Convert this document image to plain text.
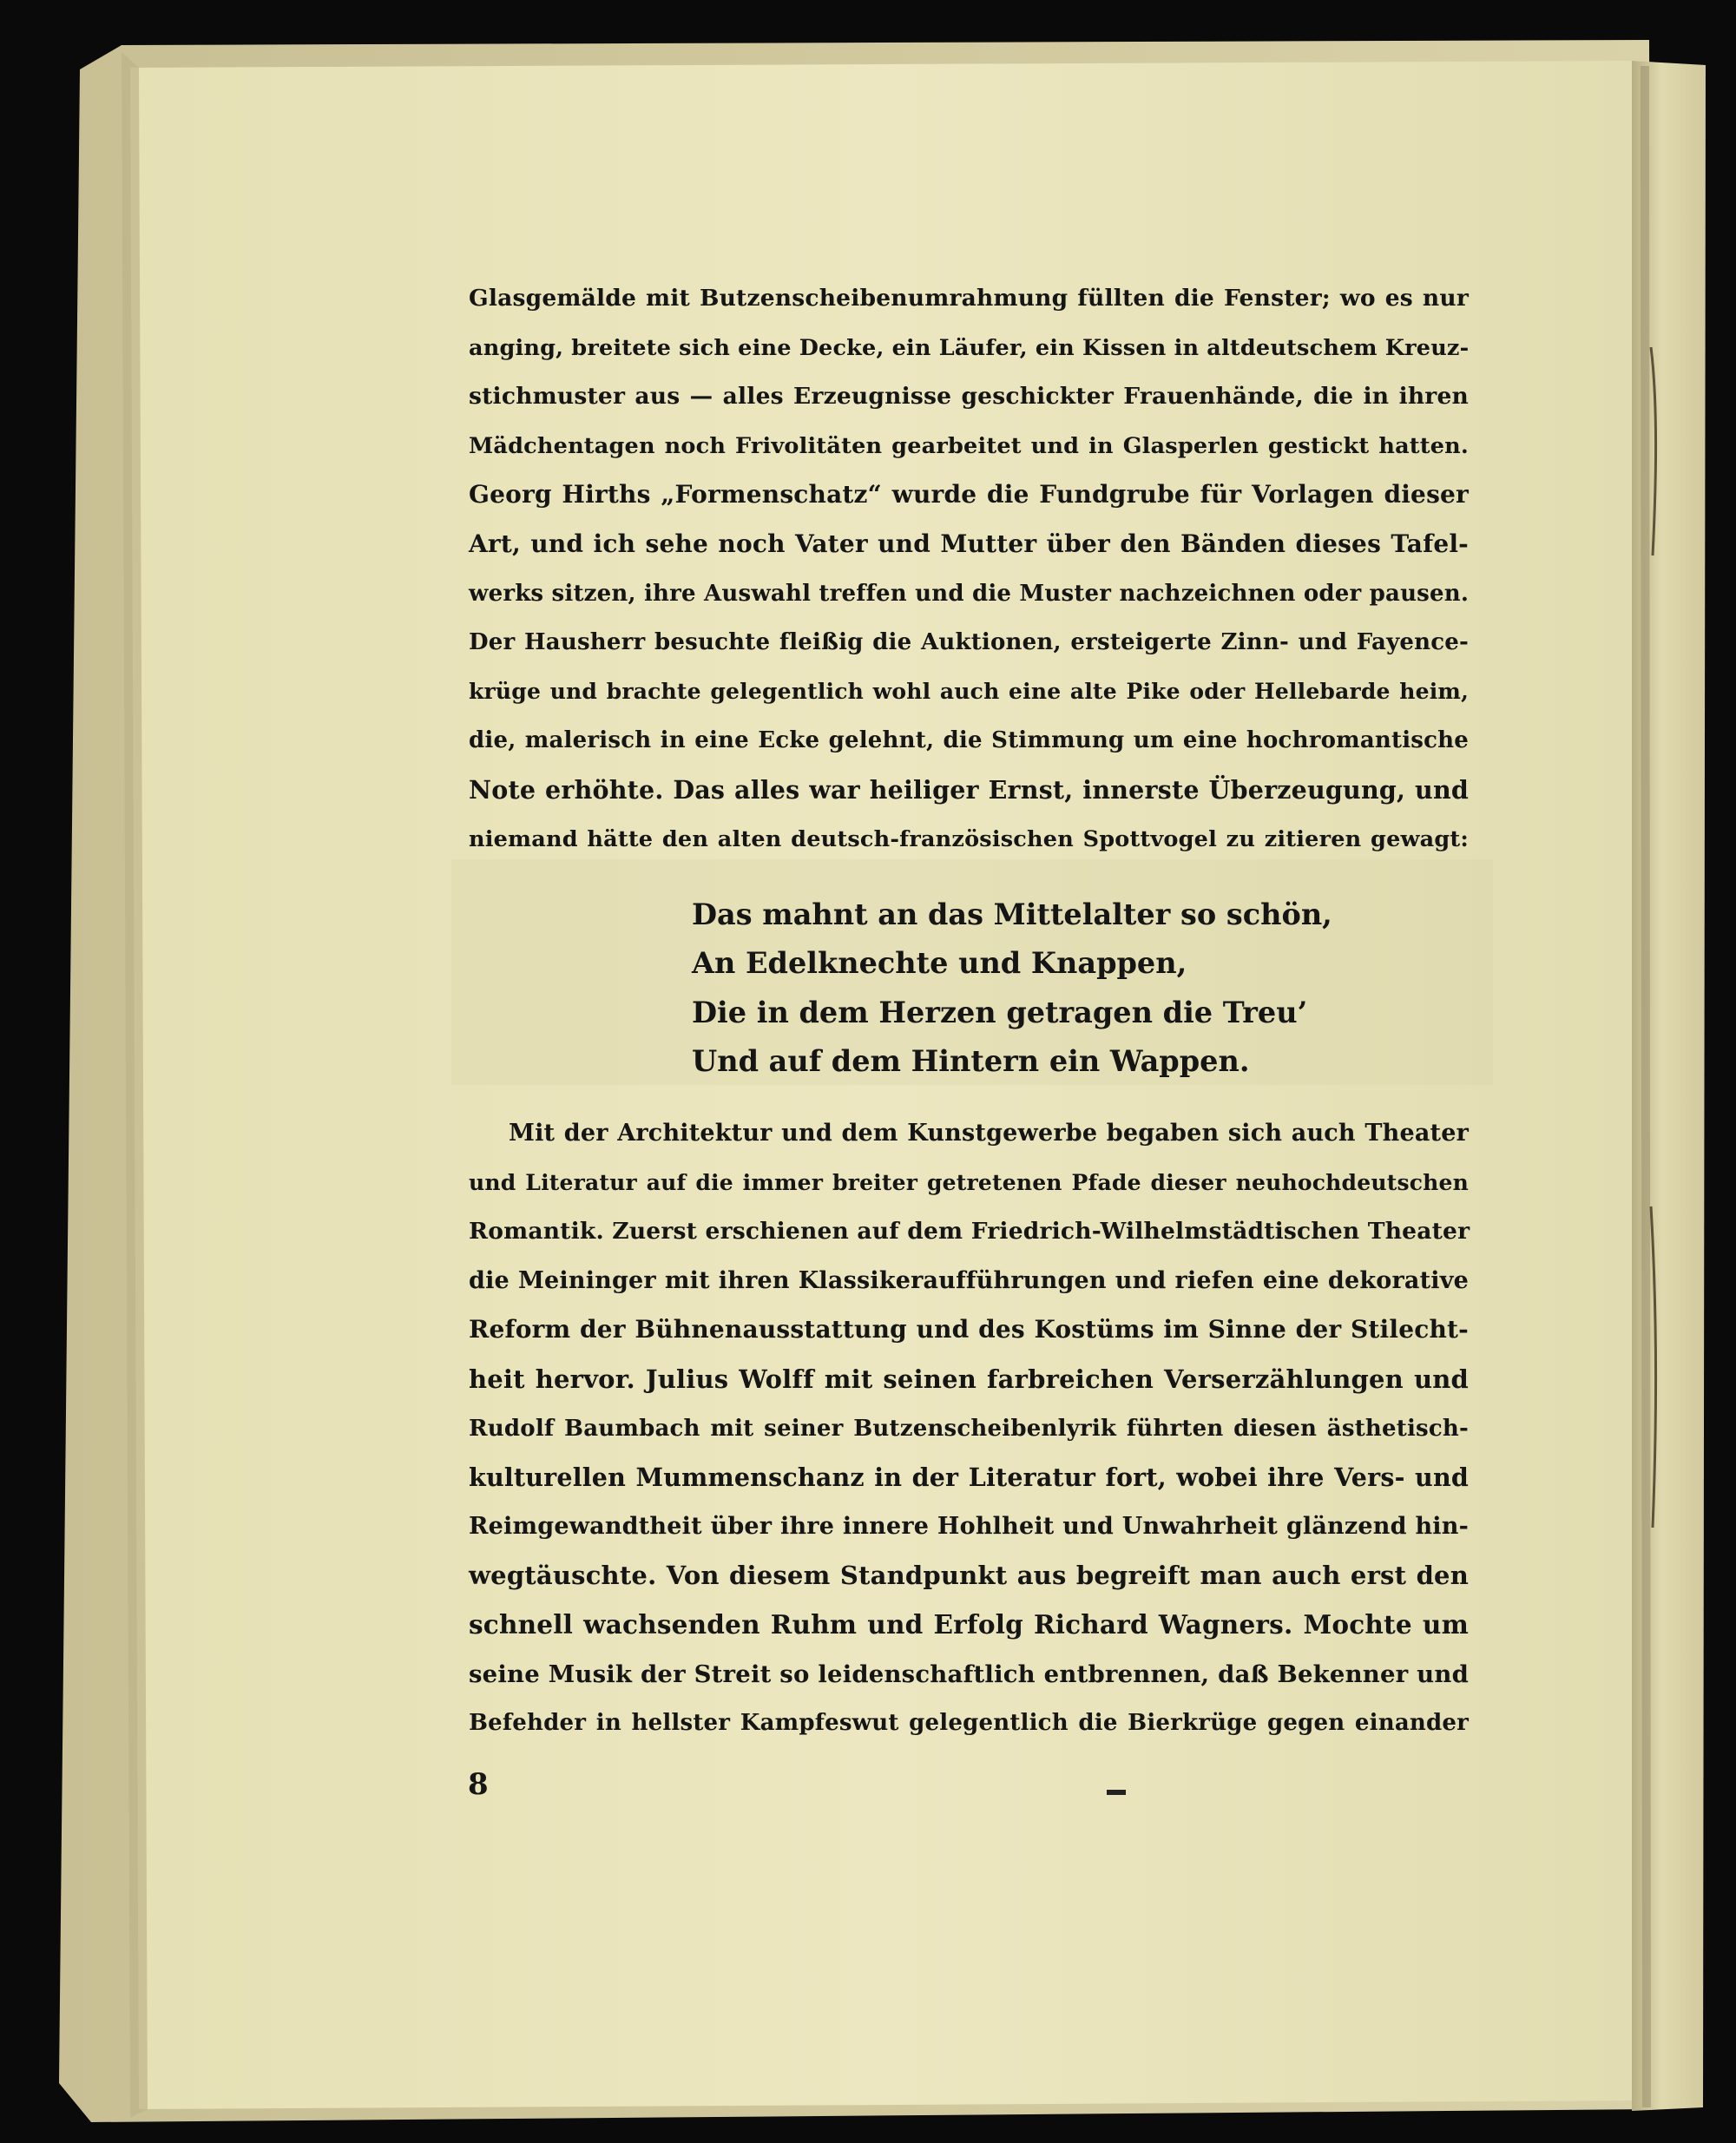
Glasgemälde mit Butzenscheibenumrahmung füllten die Fenster; wo es nur
anging, breitete sich eine Decke, ein Läufer, ein Kissen in altdeutschem Kreuz-
stichmuster aus — alles Erzeugnisse geschickter Frauenhände, die in ihren
Mädchentagen noch Frivolitäten gearbeitet und in Glasperlen gestickt hatten.
Georg Hirths „Formenschatz“ wurde die Fundgrube für Vorlagen dieser
Art, und ich sehe noch Vater und Mutter über den Bänden dieses Tafel-
werks sitzen, ihre Auswahl treffen und die Muster nachzeichnen oder pausen.
Der Hausherr besuchte fleißig die Auktionen, ersteigerte Zinn- und Fayence-
krüge und brachte gelegentlich wohl auch eine alte Pike oder Hellebarde heim,
die, malerisch in eine Ecke gelehnt, die Stimmung um eine hochromantische
Note erhöhte. Das alles war heiliger Ernst, innerste Überzeugung, und
niemand hätte den alten deutsch-französischen Spottvogel zu zitieren gewagt:
Das mahnt an das Mittelalter so schön,
An Edelknechte und Knappen,
Die in dem Herzen getragen die Treu’
Und auf dem Hintern ein Wappen.
Mit der Architektur und dem Kunstgewerbe begaben sich auch Theater
und Literatur auf die immer breiter getretenen Pfade dieser neuhochdeutschen
Romantik. Zuerst erschienen auf dem Friedrich-Wilhelmstädtischen Theater
die Meininger mit ihren Klassikeraufführungen und riefen eine dekorative
Reform der Bühnenausstattung und des Kostüms im Sinne der Stilecht-
heit hervor. Julius Wolff mit seinen farbreichen Verserzählungen und
Rudolf Baumbach mit seiner Butzenscheibenlyrik führten diesen ästhetisch-
kulturellen Mummenschanz in der Literatur fort, wobei ihre Vers- und
Reimgewandtheit über ihre innere Hohlheit und Unwahrheit glänzend hin-
wegtäuschte. Von diesem Standpunkt aus begreift man auch erst den
schnell wachsenden Ruhm und Erfolg Richard Wagners. Mochte um
seine Musik der Streit so leidenschaftlich entbrennen, daß Bekenner und
Befehder in hellster Kampfeswut gelegentlich die Bierkrüge gegen einander
8
